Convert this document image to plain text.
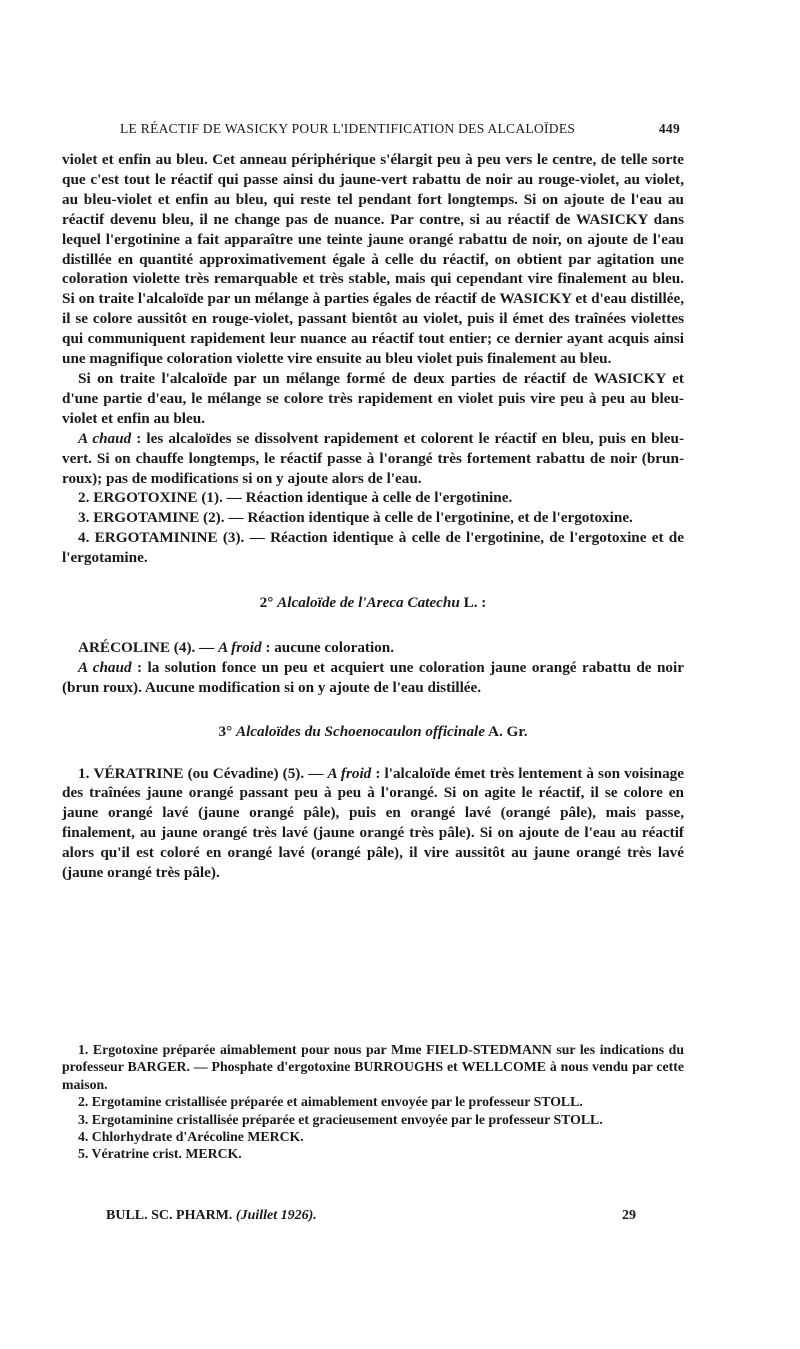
LE RÉACTIF DE WASICKY POUR L'IDENTIFICATION DES ALCALOÏDES	449

violet et enfin au bleu. Cet anneau périphérique s'élargit peu à peu vers le centre, de telle sorte que c'est tout le réactif qui passe ainsi du jaune-vert rabattu de noir au rouge-violet, au violet, au bleu-violet et enfin au bleu, qui reste tel pendant fort longtemps. Si on ajoute de l'eau au réactif devenu bleu, il ne change pas de nuance. Par contre, si au réactif de WASICKY dans lequel l'ergotinine a fait apparaître une teinte jaune orangé rabattu de noir, on ajoute de l'eau distillée en quantité approximativement égale à celle du réactif, on obtient par agitation une coloration violette très remarquable et très stable, mais qui cependant vire finalement au bleu. Si on traite l'alcaloïde par un mélange à parties égales de réactif de WASICKY et d'eau distillée, il se colore aussitôt en rouge-violet, passant bientôt au violet, puis il émet des traînées violettes qui communiquent rapidement leur nuance au réactif tout entier; ce dernier ayant acquis ainsi une magnifique coloration violette vire ensuite au bleu violet puis finalement au bleu.

Si on traite l'alcaloïde par un mélange formé de deux parties de réactif de WASICKY et d'une partie d'eau, le mélange se colore très rapidement en violet puis vire peu à peu au bleu-violet et enfin au bleu.

A chaud : les alcaloïdes se dissolvent rapidement et colorent le réactif en bleu, puis en bleu-vert. Si on chauffe longtemps, le réactif passe à l'orangé très fortement rabattu de noir (brun-roux); pas de modifications si on y ajoute alors de l'eau.

2. ERGOTOXINE (1). — Réaction identique à celle de l'ergotinine.

3. ERGOTAMINE (2). — Réaction identique à celle de l'ergotinine, et de l'ergotoxine.

4. ERGOTAMININE (3). — Réaction identique à celle de l'ergotinine, de l'ergotoxine et de l'ergotamine.

2° Alcaloïde de l'Areca Catechu L. :

ARÉCOLINE (4). — A froid : aucune coloration.

A chaud : la solution fonce un peu et acquiert une coloration jaune orangé rabattu de noir (brun roux). Aucune modification si on y ajoute de l'eau distillée.

3° Alcaloïdes du Schoenocaulon officinale A. Gr.

1. VÉRATRINE (ou Cévadine) (5). — A froid : l'alcaloïde émet très lentement à son voisinage des traînées jaune orangé passant peu à peu à l'orangé. Si on agite le réactif, il se colore en jaune orangé lavé (jaune orangé pâle), puis en orangé lavé (orangé pâle), mais passe, finalement, au jaune orangé très lavé (jaune orangé très pâle). Si on ajoute de l'eau au réactif alors qu'il est coloré en orangé lavé (orangé pâle), il vire aussitôt au jaune orangé très lavé (jaune orangé très pâle).

1. Ergotoxine préparée aimablement pour nous par Mme FIELD-STEDMANN sur les indications du professeur BARGER. — Phosphate d'ergotoxine BURROUGHS et WELLCOME à nous vendu par cette maison.

2. Ergotamine cristallisée préparée et aimablement envoyée par le professeur STOLL.

3. Ergotaminine cristallisée préparée et gracieusement envoyée par le professeur STOLL.

4. Chlorhydrate d'Arécoline MERCK.

5. Vératrine crist. MERCK.

BULL. SC. PHARM. (Juillet 1926).	29
